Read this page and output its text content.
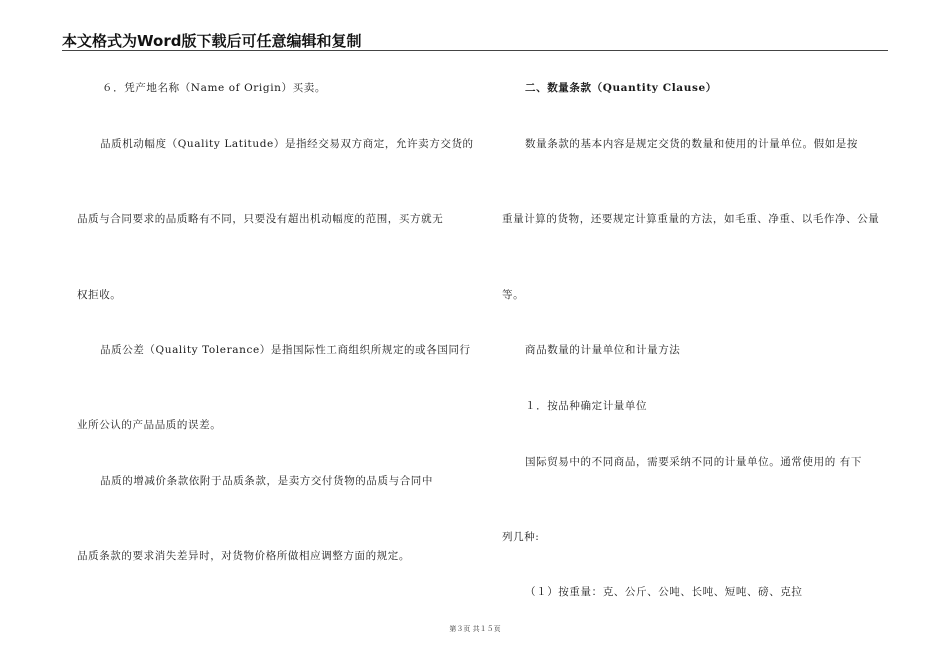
本文格式为Word版下载后可任意编辑和复制
６．凭产地名称（Name of Origin）买卖。
品质机动幅度（Quality Latitude）是指经交易双方商定，允许卖方交货的
品质与合同要求的品质略有不同，只要没有超出机动幅度的范围，买方就无
权拒收。
品质公差（Quality Tolerance）是指国际性工商组织所规定的或各国同行
业所公认的产品品质的误差。
品质的增减价条款依附于品质条款，是卖方交付货物的品质与合同中
品质条款的要求消失差异时，对货物价格所做相应调整方面的规定。
二、数量条款（Quantity Clause）
数量条款的基本内容是规定交货的数量和使用的计量单位。假如是按
重量计算的货物，还要规定计算重量的方法，如毛重、净重、以毛作净、公量
等。
商品数量的计量单位和计量方法
１．按品种确定计量单位
国际贸易中的不同商品，需要采纳不同的计量单位。通常使用的 有下
列几种:
（１）按重量：克、公斤、公吨、长吨、短吨、磅、克拉
第３页 共１５页
